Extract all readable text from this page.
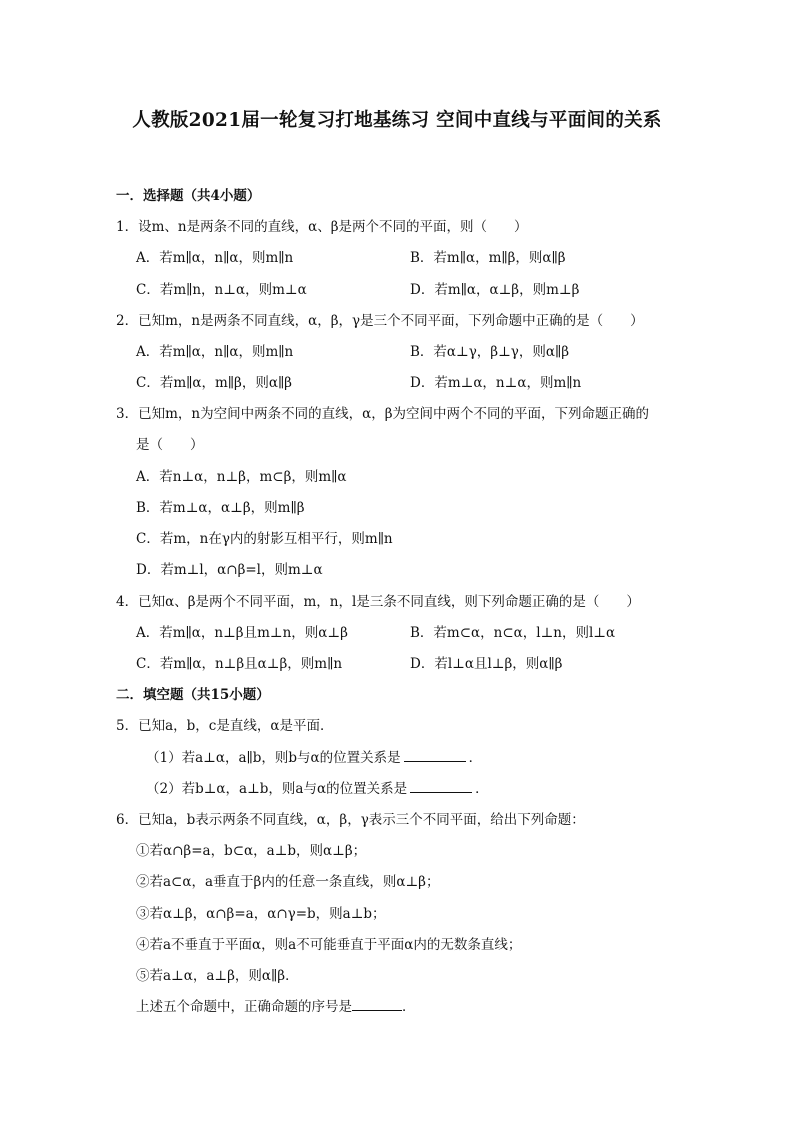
人教版2021届一轮复习打地基练习 空间中直线与平面间的关系
一．选择题（共4小题）
1．设m、n是两条不同的直线，α、β是两个不同的平面，则（　　）
A．若m∥α，n∥α，则m∥n	B．若m∥α，m∥β，则α∥β
C．若m∥n，n⊥α，则m⊥α	D．若m∥α，α⊥β，则m⊥β
2．已知m，n是两条不同直线，α，β，γ是三个不同平面，下列命题中正确的是（　　）
A．若m∥α，n∥α，则m∥n	B．若α⊥γ，β⊥γ，则α∥β
C．若m∥α，m∥β，则α∥β	D．若m⊥α，n⊥α，则m∥n
3．已知m，n为空间中两条不同的直线，α，β为空间中两个不同的平面，下列命题正确的
是（　　）
A．若n⊥α，n⊥β，m⊂β，则m∥α
B．若m⊥α，α⊥β，则m∥β
C．若m，n在γ内的射影互相平行，则m∥n
D．若m⊥l，α∩β=l，则m⊥α
4．已知α、β是两个不同平面，m，n，l是三条不同直线，则下列命题正确的是（　　）
A．若m∥α，n⊥β且m⊥n，则α⊥β	B．若m⊂α，n⊂α，l⊥n，则l⊥α
C．若m∥α，n⊥β且α⊥β，则m∥n	D．若l⊥α且l⊥β，则α∥β
二．填空题（共15小题）
5．已知a，b，c是直线，α是平面．
（1）若a⊥α，a∥b，则b与α的位置关系是	．
（2）若b⊥α，a⊥b，则a与α的位置关系是	．
6．已知a，b表示两条不同直线，α，β，γ表示三个不同平面，给出下列命题：
①若α∩β=a，b⊂α，a⊥b，则α⊥β；
②若a⊂α，a垂直于β内的任意一条直线，则α⊥β；
③若α⊥β，α∩β=a，α∩γ=b，则a⊥b；
④若a不垂直于平面α，则a不可能垂直于平面α内的无数条直线；
⑤若a⊥α，a⊥β，则α∥β．
上述五个命题中，正确命题的序号是	．
